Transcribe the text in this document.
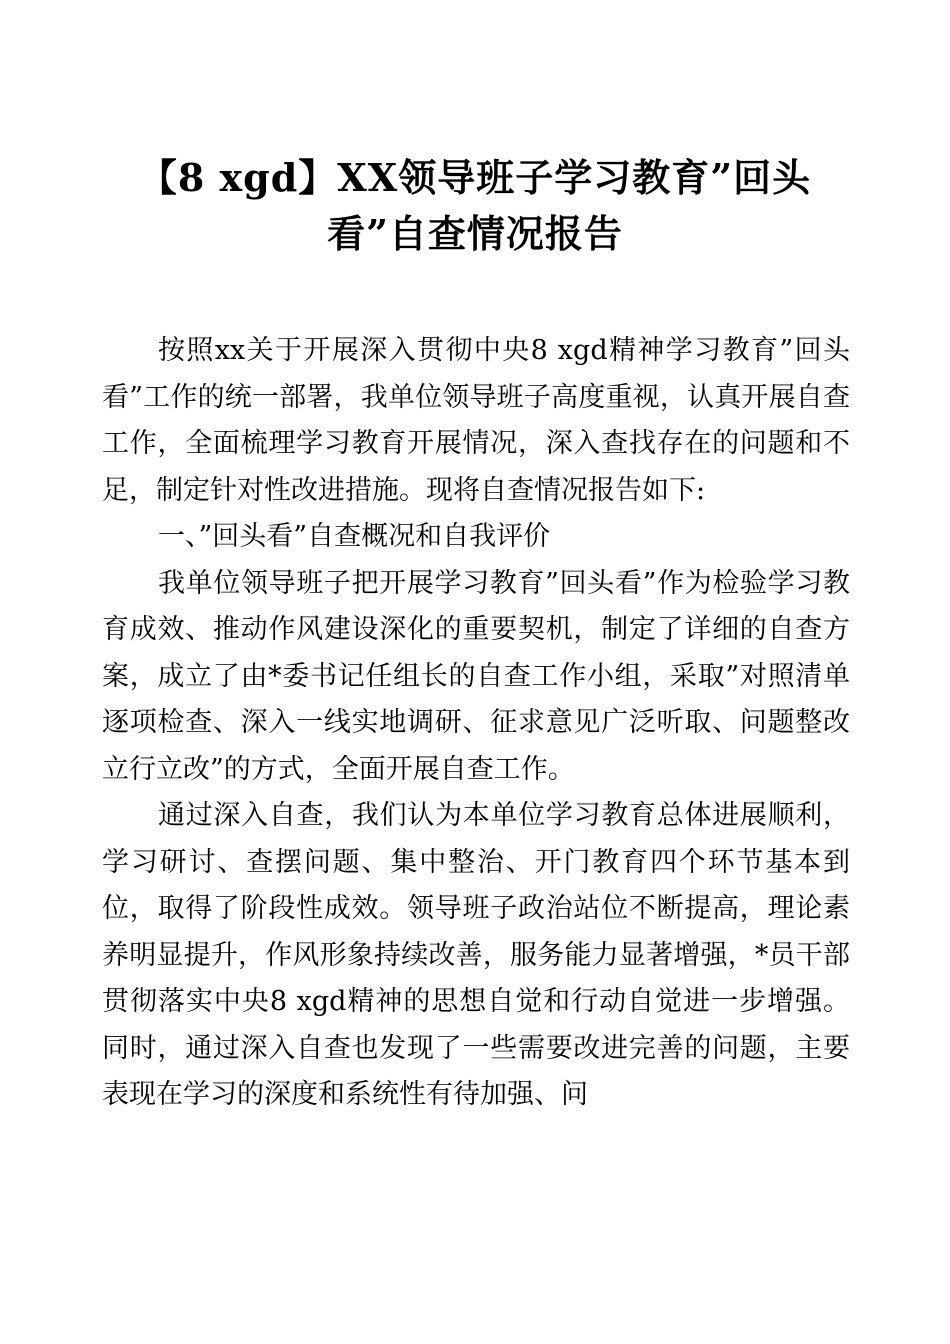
【8 xgd】XX领导班子学习教育”回头
看”自查情况报告

按照xx关于开展深入贯彻中央8 xgd精神学习教育”回头看”工作的统一部署，我单位领导班子高度重视，认真开展自查工作，全面梳理学习教育开展情况，深入查找存在的问题和不足，制定针对性改进措施。现将自查情况报告如下:

一、”回头看”自查概况和自我评价

我单位领导班子把开展学习教育”回头看”作为检验学习教育成效、推动作风建设深化的重要契机，制定了详细的自查方案，成立了由*委书记任组长的自查工作小组，采取”对照清单逐项检查、深入一线实地调研、征求意见广泛听取、问题整改立行立改”的方式，全面开展自查工作。

通过深入自查，我们认为本单位学习教育总体进展顺利，学习研讨、查摆问题、集中整治、开门教育四个环节基本到位，取得了阶段性成效。领导班子政治站位不断提高，理论素养明显提升，作风形象持续改善，服务能力显著增强，*员干部贯彻落实中央8 xgd精神的思想自觉和行动自觉进一步增强。同时，通过深入自查也发现了一些需要改进完善的问题，主要表现在学习的深度和系统性有待加强、问
